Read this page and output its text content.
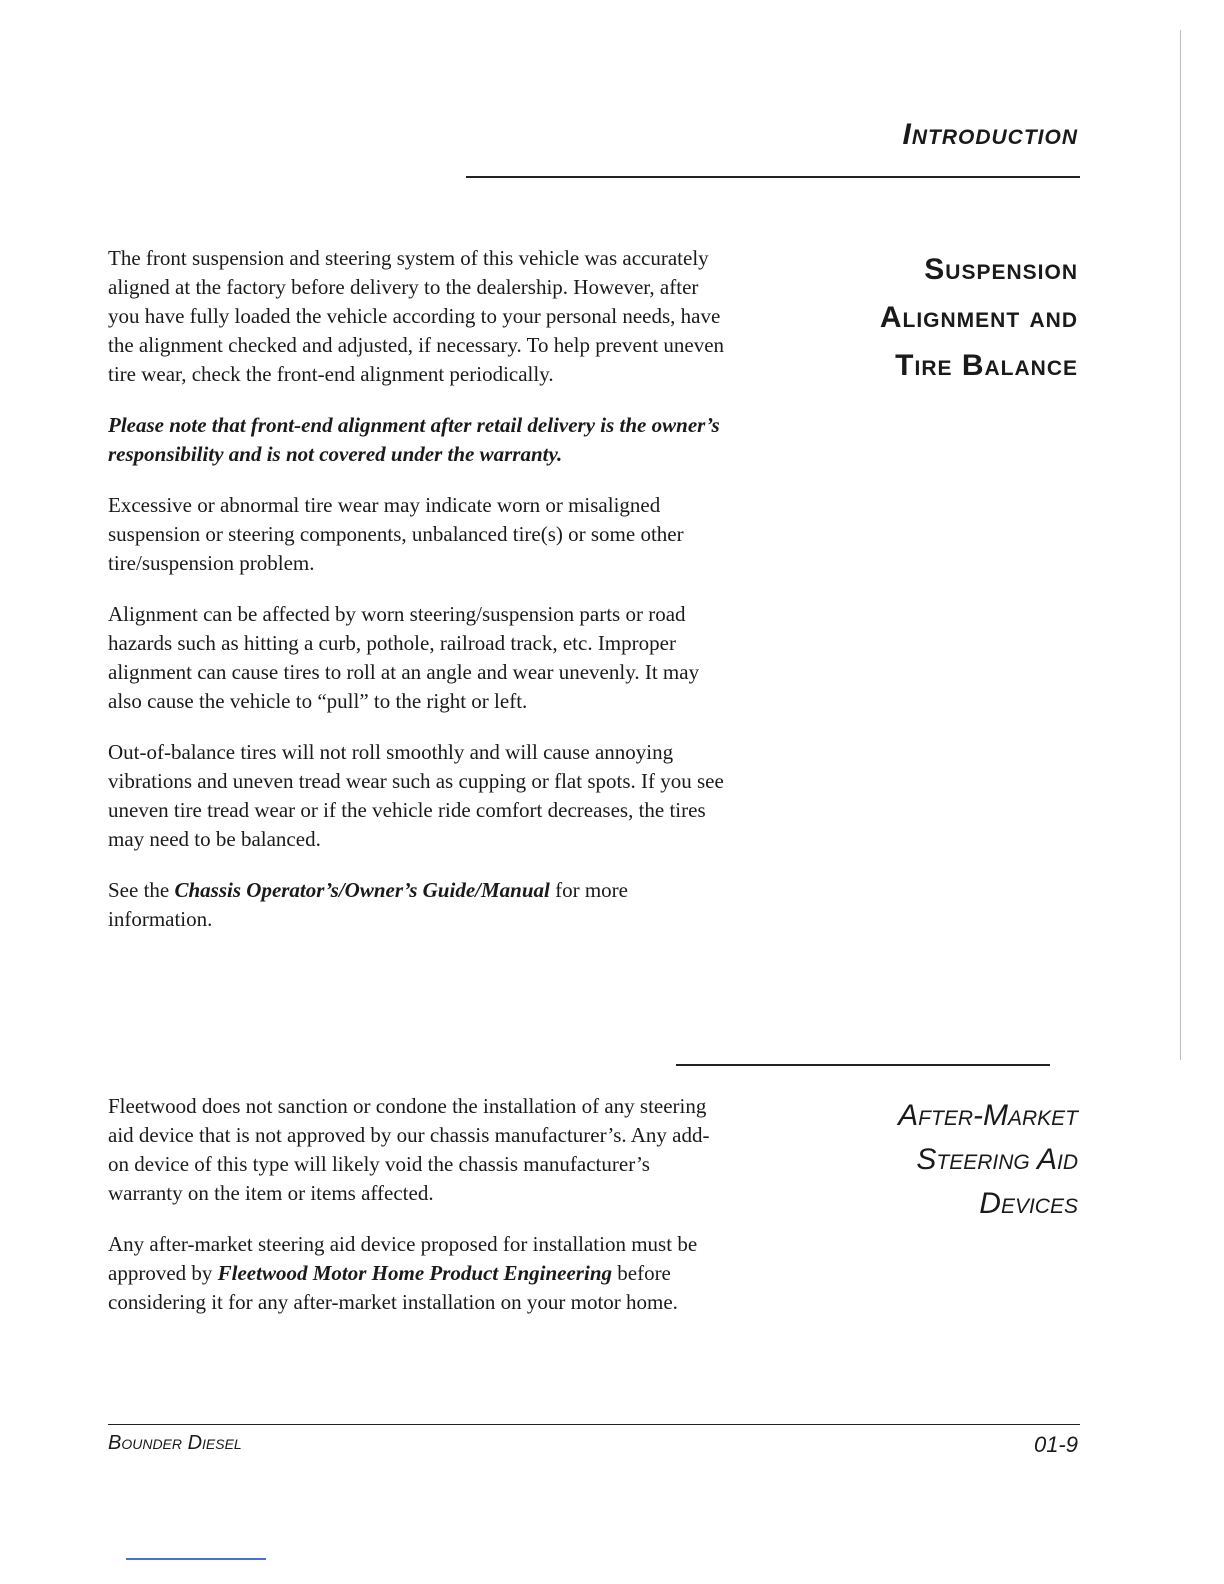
Introduction
Suspension
Alignment and
Tire Balance

The front suspension and steering system of this vehicle was accurately aligned at the factory before delivery to the dealership. However, after you have fully loaded the vehicle according to your personal needs, have the alignment checked and adjusted, if necessary. To help prevent uneven tire wear, check the front-end alignment periodically.

Please note that front-end alignment after retail delivery is the owner’s responsibility and is not covered under the warranty.

Excessive or abnormal tire wear may indicate worn or misaligned suspension or steering components, unbalanced tire(s) or some other tire/suspension problem.

Alignment can be affected by worn steering/suspension parts or road hazards such as hitting a curb, pothole, railroad track, etc. Improper alignment can cause tires to roll at an angle and wear unevenly. It may also cause the vehicle to “pull” to the right or left.

Out-of-balance tires will not roll smoothly and will cause annoying vibrations and uneven tread wear such as cupping or flat spots. If you see uneven tire tread wear or if the vehicle ride comfort decreases, the tires may need to be balanced.

See the Chassis Operator’s/Owner’s Guide/Manual for more information.

After-Market
Steering Aid
Devices

Fleetwood does not sanction or condone the installation of any steering aid device that is not approved by our chassis manufacturer’s. Any add-on device of this type will likely void the chassis manufacturer’s warranty on the item or items affected.

Any after-market steering aid device proposed for installation must be approved by Fleetwood Motor Home Product Engineering before considering it for any after-market installation on your motor home.

Bounder Diesel	01-9
